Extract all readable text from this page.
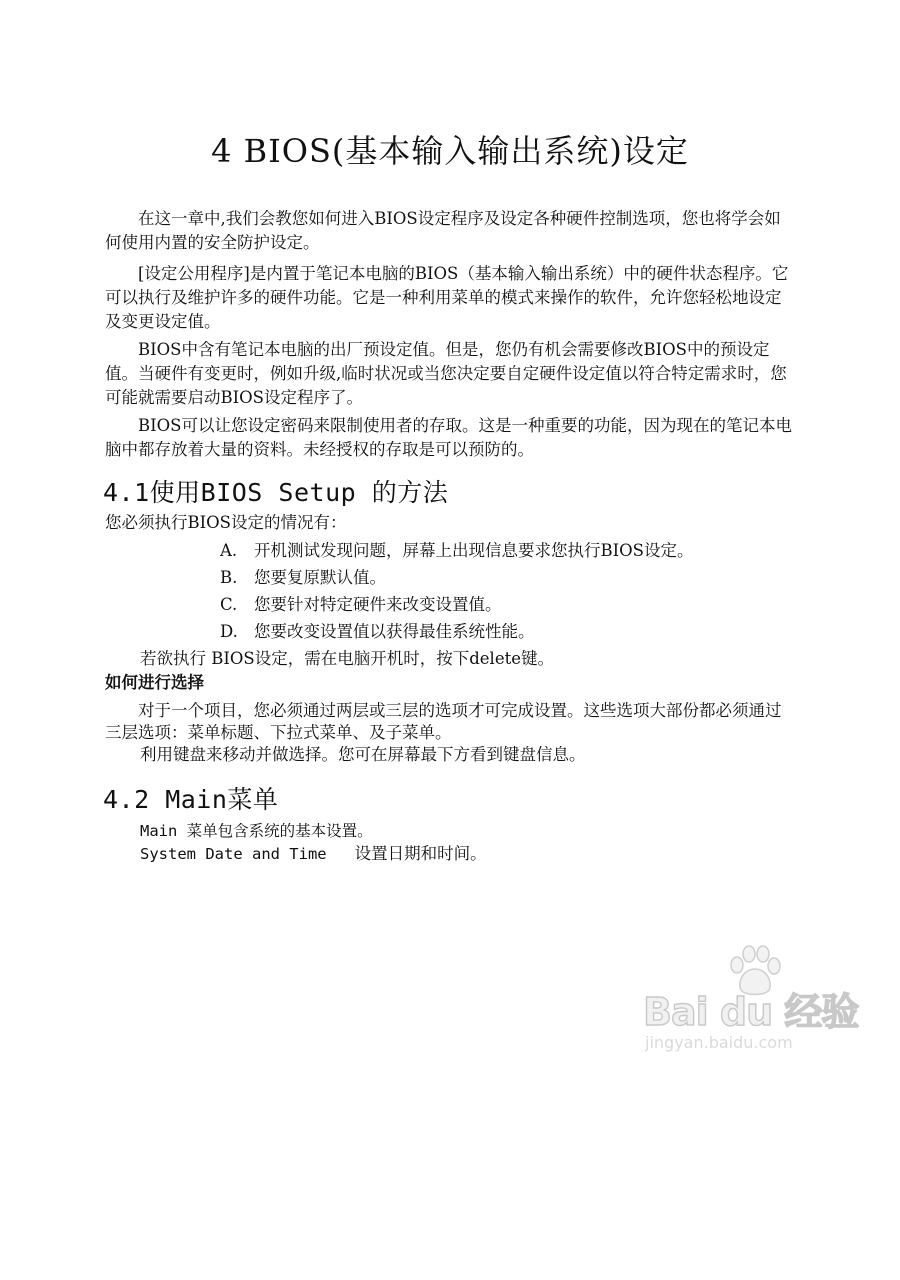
4 BIOS(基本输入输出系统)设定

在这一章中,我们会教您如何进入BIOS设定程序及设定各种硬件控制选项，您也将学会如何使用内置的安全防护设定。

[设定公用程序]是内置于笔记本电脑的BIOS（基本输入输出系统）中的硬件状态程序。它可以执行及维护许多的硬件功能。它是一种利用菜单的模式来操作的软件，允许您轻松地设定及变更设定值。

BIOS中含有笔记本电脑的出厂预设定值。但是，您仍有机会需要修改BIOS中的预设定值。当硬件有变更时，例如升级,临时状况或当您决定要自定硬件设定值以符合特定需求时，您可能就需要启动BIOS设定程序了。

BIOS可以让您设定密码来限制使用者的存取。这是一种重要的功能，因为现在的笔记本电脑中都存放着大量的资料。未经授权的存取是可以预防的。

4.1使用BIOS Setup 的方法
您必须执行BIOS设定的情况有：
A. 开机测试发现问题，屏幕上出现信息要求您执行BIOS设定。
B. 您要复原默认值。
C. 您要针对特定硬件来改变设置值。
D. 您要改变设置值以获得最佳系统性能。
若欲执行 BIOS设定，需在电脑开机时，按下delete键。
如何进行选择

对于一个项目，您必须通过两层或三层的选项才可完成设置。这些选项大部份都必须通过三层选项：菜单标题、下拉式菜单、及子菜单。

利用键盘来移动并做选择。您可在屏幕最下方看到键盘信息。
4.2 Main菜单
Main 菜单包含系统的基本设置。
System Date and Time 设置日期和时间。
Bai du 经验
jingyan.baidu.com
